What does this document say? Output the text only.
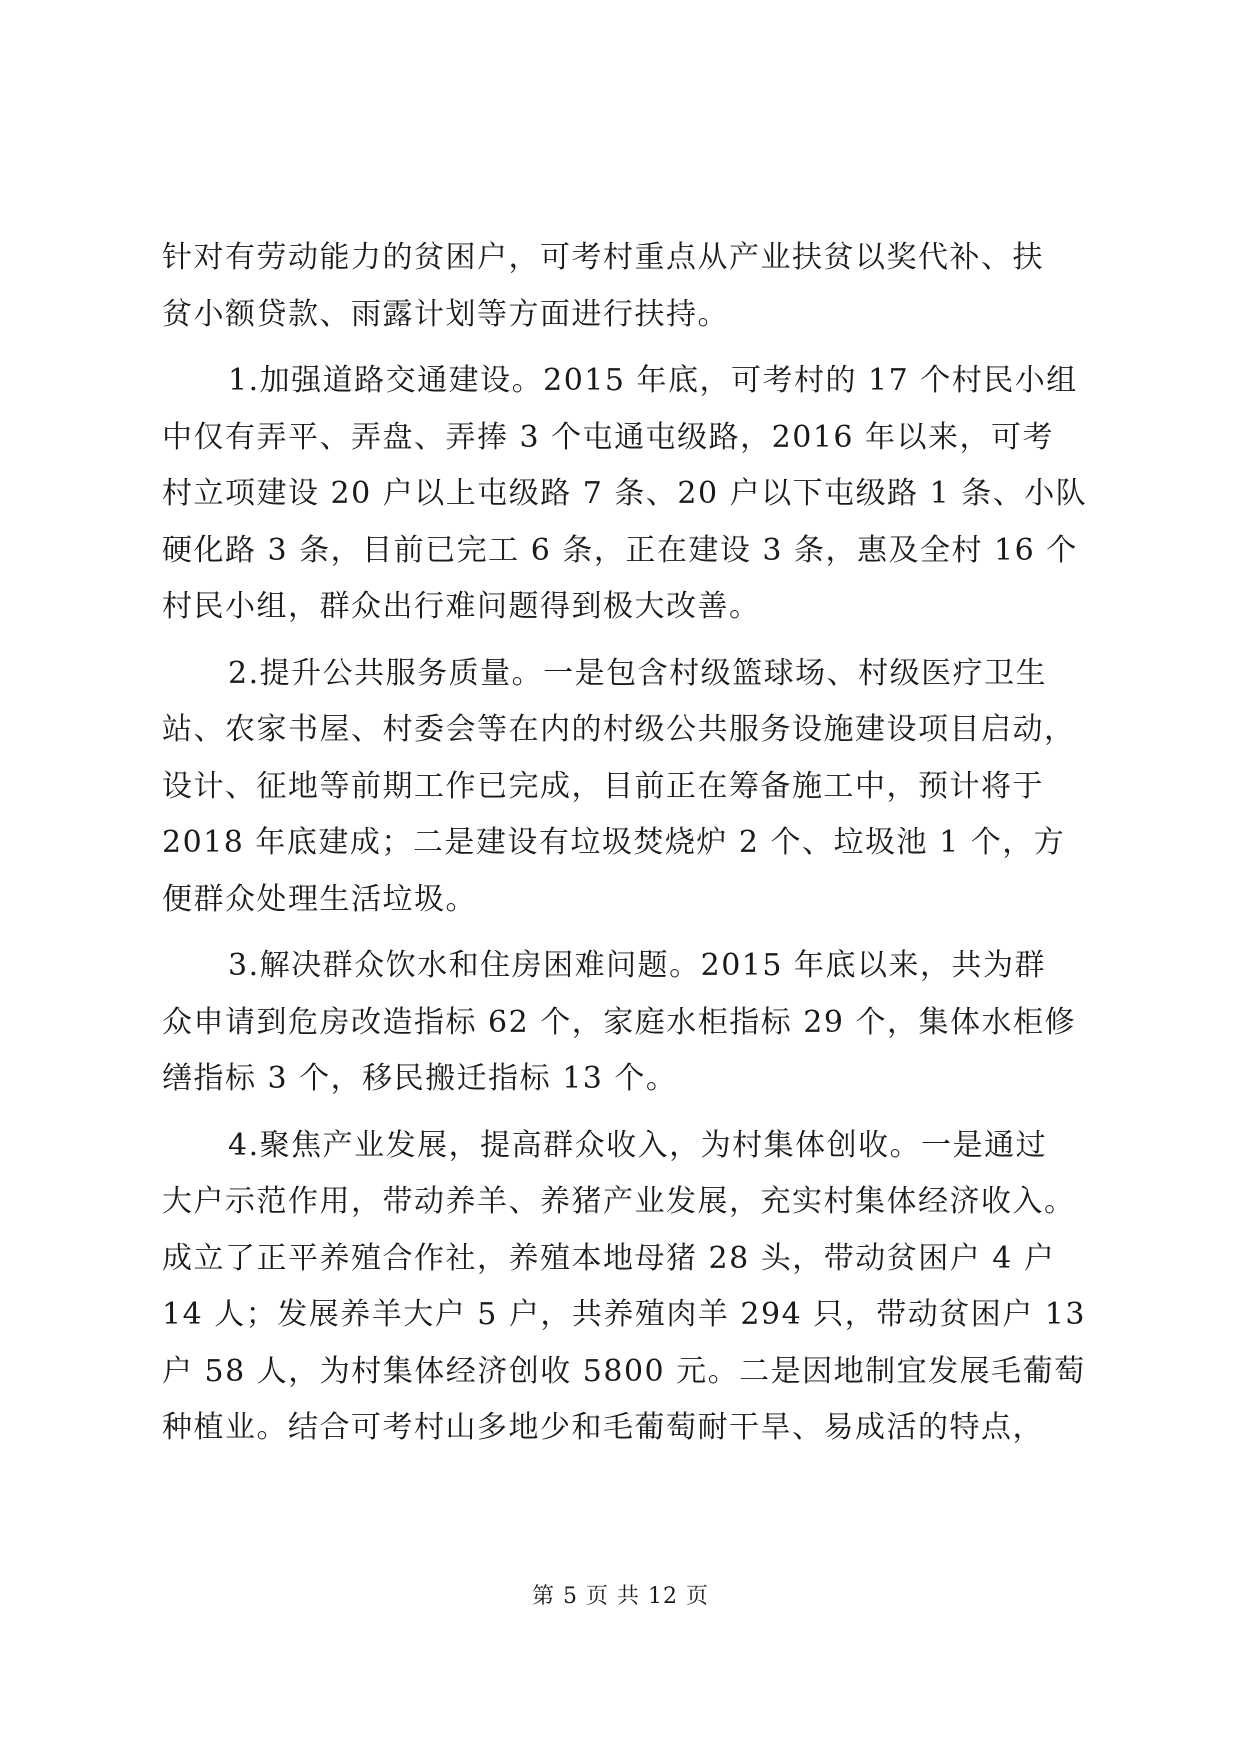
针对有劳动能力的贫困户，可考村重点从产业扶贫以奖代补、扶
贫小额贷款、雨露计划等方面进行扶持。
1.加强道路交通建设。2015 年底，可考村的 17 个村民小组
中仅有弄平、弄盘、弄捧 3 个屯通屯级路，2016 年以来，可考
村立项建设 20 户以上屯级路 7 条、20 户以下屯级路 1 条、小队
硬化路 3 条，目前已完工 6 条，正在建设 3 条，惠及全村 16 个
村民小组，群众出行难问题得到极大改善。
2.提升公共服务质量。一是包含村级篮球场、村级医疗卫生
站、农家书屋、村委会等在内的村级公共服务设施建设项目启动，
设计、征地等前期工作已完成，目前正在筹备施工中，预计将于
2018 年底建成；二是建设有垃圾焚烧炉 2 个、垃圾池 1 个，方
便群众处理生活垃圾。
3.解决群众饮水和住房困难问题。2015 年底以来，共为群
众申请到危房改造指标 62 个，家庭水柜指标 29 个，集体水柜修
缮指标 3 个，移民搬迁指标 13 个。
4.聚焦产业发展，提高群众收入，为村集体创收。一是通过
大户示范作用，带动养羊、养猪产业发展，充实村集体经济收入。
成立了正平养殖合作社，养殖本地母猪 28 头，带动贫困户 4 户
14 人；发展养羊大户 5 户，共养殖肉羊 294 只，带动贫困户 13
户 58 人，为村集体经济创收 5800 元。二是因地制宜发展毛葡萄
种植业。结合可考村山多地少和毛葡萄耐干旱、易成活的特点，
第 5 页 共 12 页
